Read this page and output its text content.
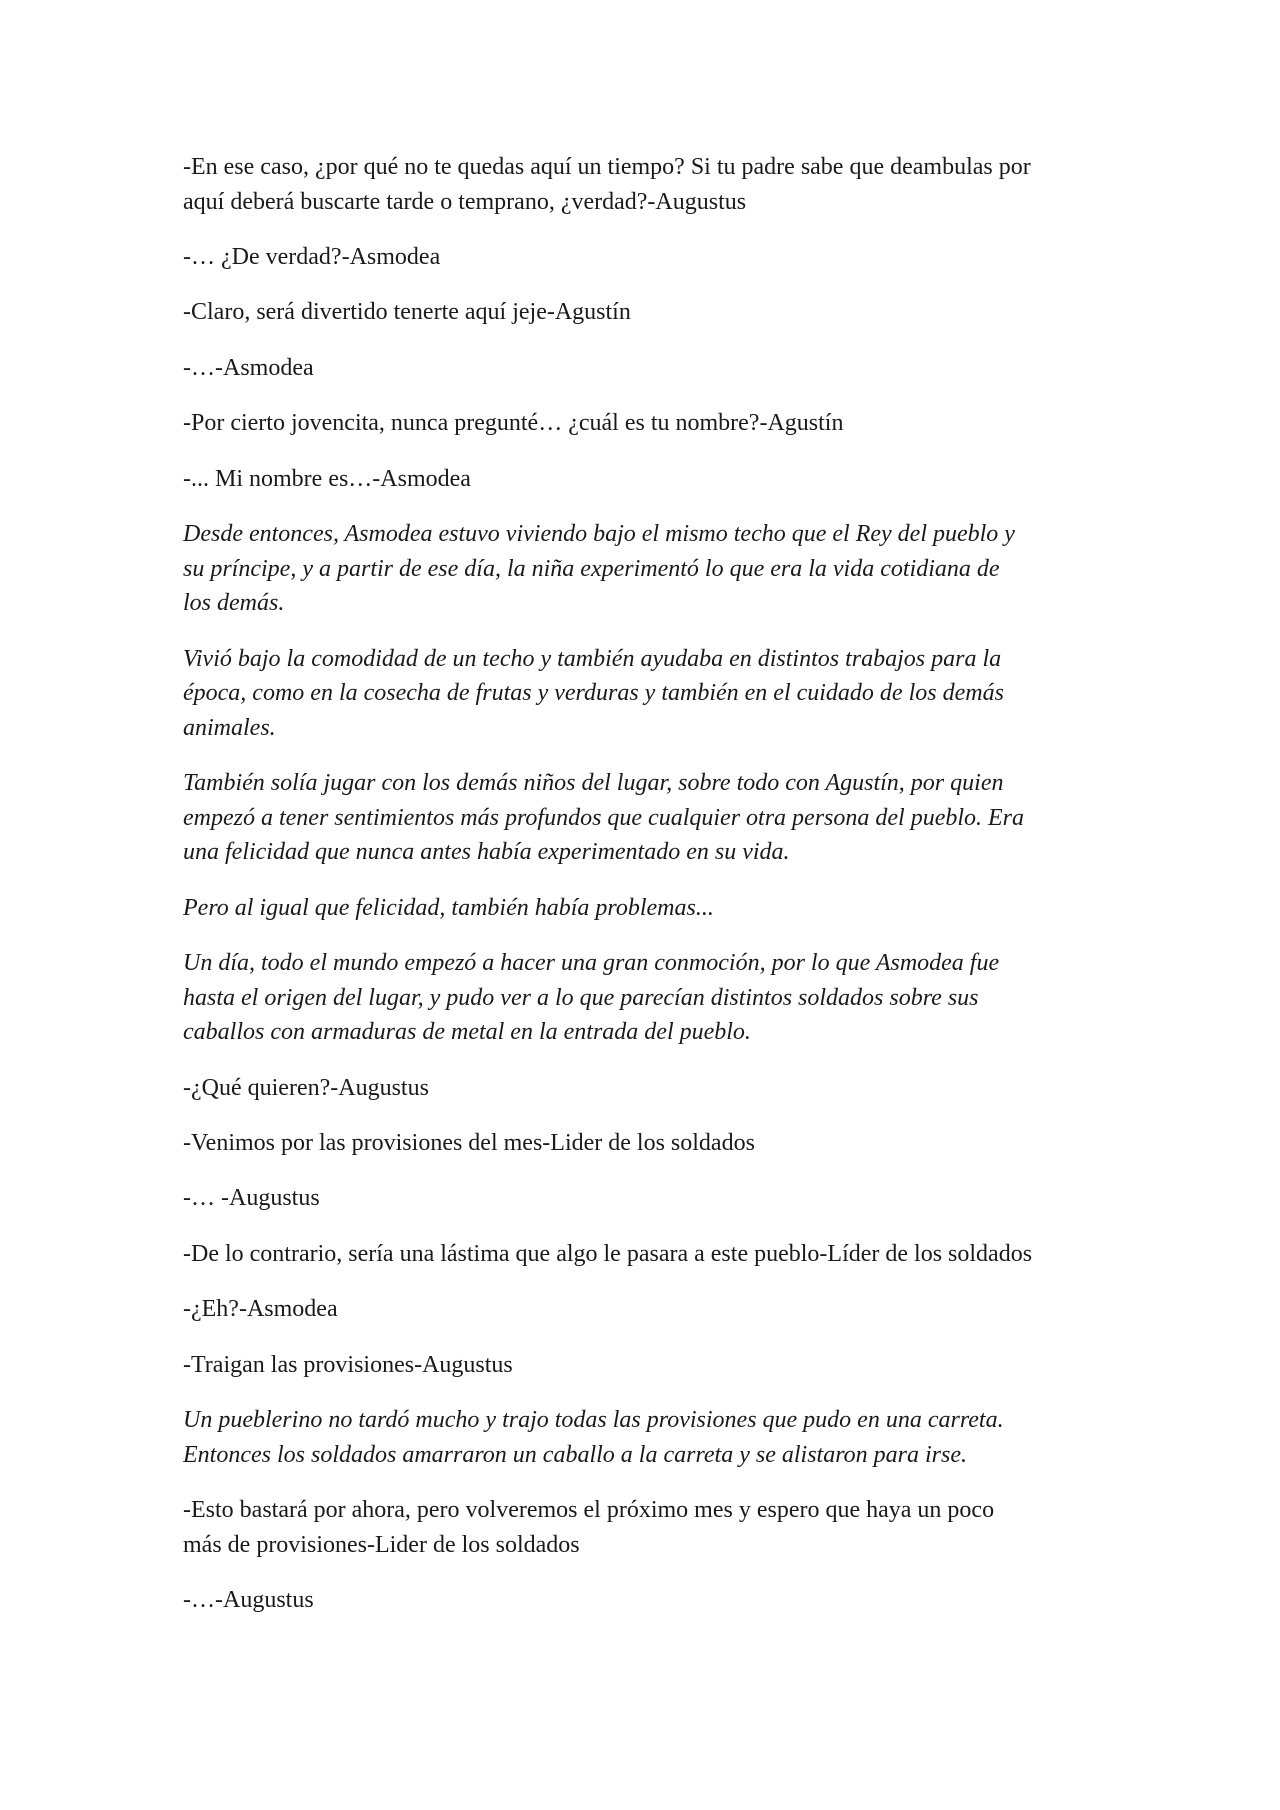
-En ese caso, ¿por qué no te quedas aquí un tiempo? Si tu padre sabe que deambulas por
aquí deberá buscarte tarde o temprano, ¿verdad?-Augustus
-… ¿De verdad?-Asmodea
-Claro, será divertido tenerte aquí jeje-Agustín
-…-Asmodea
-Por cierto jovencita, nunca pregunté… ¿cuál es tu nombre?-Agustín
-... Mi nombre es…-Asmodea
Desde entonces, Asmodea estuvo viviendo bajo el mismo techo que el Rey del pueblo y
su príncipe, y a partir de ese día, la niña experimentó lo que era la vida cotidiana de
los demás.
Vivió bajo la comodidad de un techo y también ayudaba en distintos trabajos para la
época, como en la cosecha de frutas y verduras y también en el cuidado de los demás
animales.
También solía jugar con los demás niños del lugar, sobre todo con Agustín, por quien
empezó a tener sentimientos más profundos que cualquier otra persona del pueblo. Era
una felicidad que nunca antes había experimentado en su vida.
Pero al igual que felicidad, también había problemas...
Un día, todo el mundo empezó a hacer una gran conmoción, por lo que Asmodea fue
hasta el origen del lugar, y pudo ver a lo que parecían distintos soldados sobre sus
caballos con armaduras de metal en la entrada del pueblo.
-¿Qué quieren?-Augustus
-Venimos por las provisiones del mes-Lider de los soldados
-… -Augustus
-De lo contrario, sería una lástima que algo le pasara a este pueblo-Líder de los soldados
-¿Eh?-Asmodea
-Traigan las provisiones-Augustus
Un pueblerino no tardó mucho y trajo todas las provisiones que pudo en una carreta.
Entonces los soldados amarraron un caballo a la carreta y se alistaron para irse.
-Esto bastará por ahora, pero volveremos el próximo mes y espero que haya un poco
más de provisiones-Lider de los soldados
-…-Augustus
